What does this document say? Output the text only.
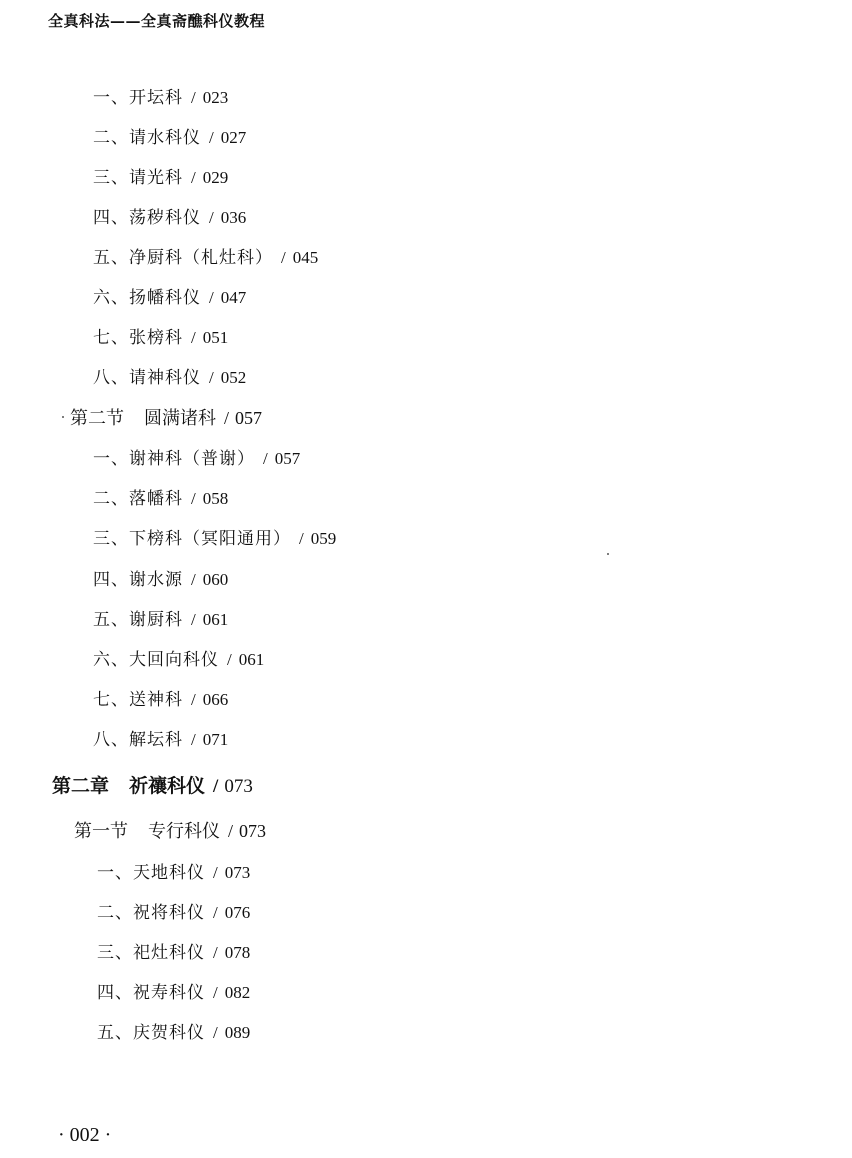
全真科法——全真斋醮科仪教程
一、开坛科 / 023
二、请水科仪 / 027
三、请光科 / 029
四、荡秽科仪 / 036
五、净厨科（札灶科） / 045
六、扬幡科仪 / 047
七、张榜科 / 051
八、请神科仪 / 052
第二节 圆满诸科 / 057
一、谢神科（普谢） / 057
二、落幡科 / 058
三、下榜科（冥阳通用） / 059
四、谢水源 / 060
五、谢厨科 / 061
六、大回向科仪 / 061
七、送神科 / 066
八、解坛科 / 071
第二章 祈禳科仪 / 073
第一节 专行科仪 / 073
一、天地科仪 / 073
二、祝将科仪 / 076
三、祀灶科仪 / 078
四、祝寿科仪 / 082
五、庆贺科仪 / 089
· 002 ·
